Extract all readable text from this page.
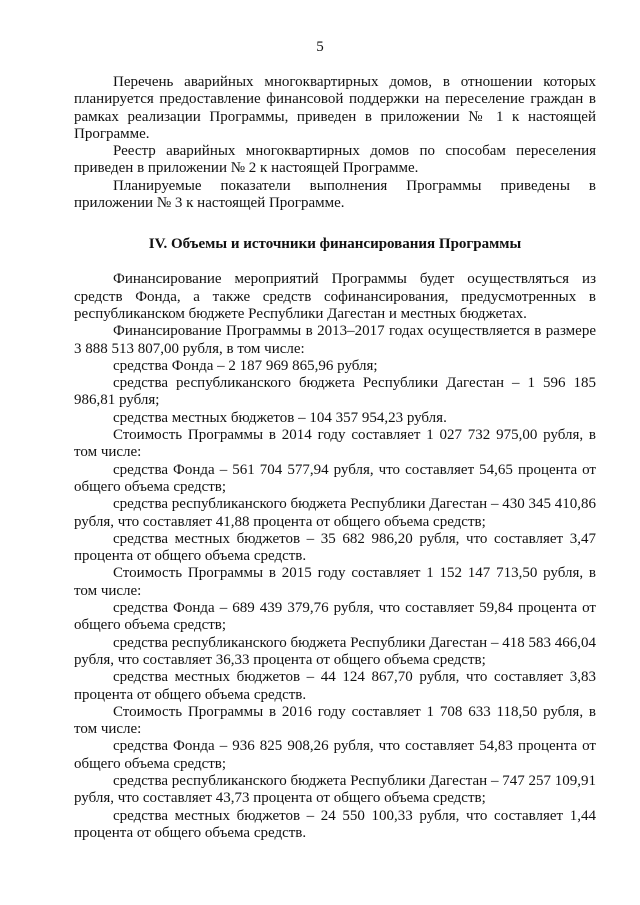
5

Перечень аварийных многоквартирных домов, в отношении которых планируется предоставление финансовой поддержки на переселение граждан в рамках реализации Программы, приведен в приложении № 1 к настоящей Программе.

Реестр аварийных многоквартирных домов по способам переселения приведен в приложении № 2 к настоящей Программе.

Планируемые показатели выполнения Программы приведены в приложении № 3 к настоящей Программе.

IV. Объемы и источники финансирования Программы

Финансирование мероприятий Программы будет осуществляться из средств Фонда, а также средств софинансирования, предусмотренных в республиканском бюджете Республики Дагестан и местных бюджетах.

Финансирование Программы в 2013–2017 годах осуществляется в размере 3 888 513 807,00 рубля, в том числе:

средства Фонда – 2 187 969 865,96 рубля;

средства республиканского бюджета Республики Дагестан – 1 596 185 986,81 рубля;

средства местных бюджетов – 104 357 954,23 рубля.

Стоимость Программы в 2014 году составляет 1 027 732 975,00 рубля, в том числе:

средства Фонда – 561 704 577,94 рубля, что составляет 54,65 процента от общего объема средств;

средства республиканского бюджета Республики Дагестан – 430 345 410,86 рубля, что составляет 41,88 процента от общего объема средств;

средства местных бюджетов – 35 682 986,20 рубля, что составляет 3,47 процента от общего объема средств.

Стоимость Программы в 2015 году составляет 1 152 147 713,50 рубля, в том числе:

средства Фонда – 689 439 379,76 рубля, что составляет 59,84 процента от общего объема средств;

средства республиканского бюджета Республики Дагестан – 418 583 466,04 рубля, что составляет 36,33 процента от общего объема средств;

средства местных бюджетов – 44 124 867,70 рубля, что составляет 3,83 процента от общего объема средств.

Стоимость Программы в 2016 году составляет 1 708 633 118,50 рубля, в том числе:

средства Фонда – 936 825 908,26 рубля, что составляет 54,83 процента от общего объема средств;

средства республиканского бюджета Республики Дагестан – 747 257 109,91 рубля, что составляет 43,73 процента от общего объема средств;

средства местных бюджетов – 24 550 100,33 рубля, что составляет 1,44 процента от общего объема средств.
